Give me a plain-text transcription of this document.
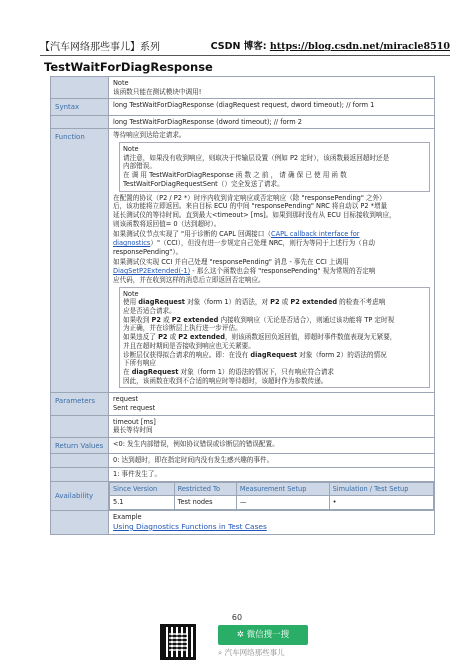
【汽车网络那些事儿】系列	CSDN 博客: https://blog.csdn.net/miracle8510
TestWaitForDiagResponse

Note
该函数只能在测试模块中调用!

Syntax	long TestWaitForDiagResponse (diagRequest request, dword timeout); // form 1
	long TestWaitForDiagResponse (dword timeout); // form 2
Function	等待响应到达给定请求。
Note
请注意，如果没有收到响应，则取决于传输层设置（例如 P2 定时），该函数最返回超时还是
内部错误。
在 调 用 TestWaitForDiagResponse 函 数 之 前 ， 请 确 保 已 使 用 函 数
TestWaitForDiagRequestSent（）完全发送了请求。
在配置的协议（P2 / P2 *）时序内收到肯定响应或否定响应（除 "responsePending" 之外）
后，该功能将立即返回。来自目标 ECU 的中间 "responsePending" NRC 将自动以 P2 *增量
延长测试仪的等待时间。直到最大<timeout> [ms]。如果到那时没有从 ECU 目标接收到响应，
则该函数将返回值= 0（达到超时）。
如果测试仪节点实现了 "用于诊断的 CAPL 回调接口（CAPL callback interface for diagnostics）"（CCI），但没有进一步规定自己处理 NRC，则行为等同于上述行为（自动 responsePending"）。
如果测试仪实现 CCI 并自己处理 "responsePending" 消息 - 事先在 CCI 上调用
DiagSetP2Extended(-1) - 那么这个函数也会将 "responsePending" 视为常规的否定响
应代码，并在收到这样的消息后立即返回否定响应。
Note
使用 diagRequest 对象（form 1）的语法，对 P2 或 P2 extended 的检查不考虑响
应是否适合请求。
如果收到 P2 或 P2 extended 内接收到响应（无论是否适合），则通过该功能将 TP 定时视
为正确，并在诊断层上执行进一步评估。
如果违反了 P2 或 P2 extended，则该函数返回负返回值，即超时事件数值表现为无紧要，
并且在超时期间是否接收到响应也无关紧要。
诊断层仅获得拟合请求的响应。即：在没有 diagRequest 对象（form 2）的语法的情况
下所有响应
在 diagRequest 对象（form 1）的语法的情况下，只有响应符合请求
因此，该函数在收到不合适的响应时等待超时，该超时作为参数传递。

Parameters	request
Sent request

timeout [ms]
最长等待时间

Return Values	<0: 发生内部错误，例如协议错误或诊断层的错误配置。
	0: 达到超时，即在指定时间内没有发生感兴趣的事件。
	1: 事件发生了。
Availability	
Since Version	Restricted To	Measurement Setup	Simulation / Test Setup
5.1	Test nodes	—	•

Example
Using Diagnostics Functions in Test Cases
60
✲ 微信搜一搜
⌕ 汽车网络那些事儿
